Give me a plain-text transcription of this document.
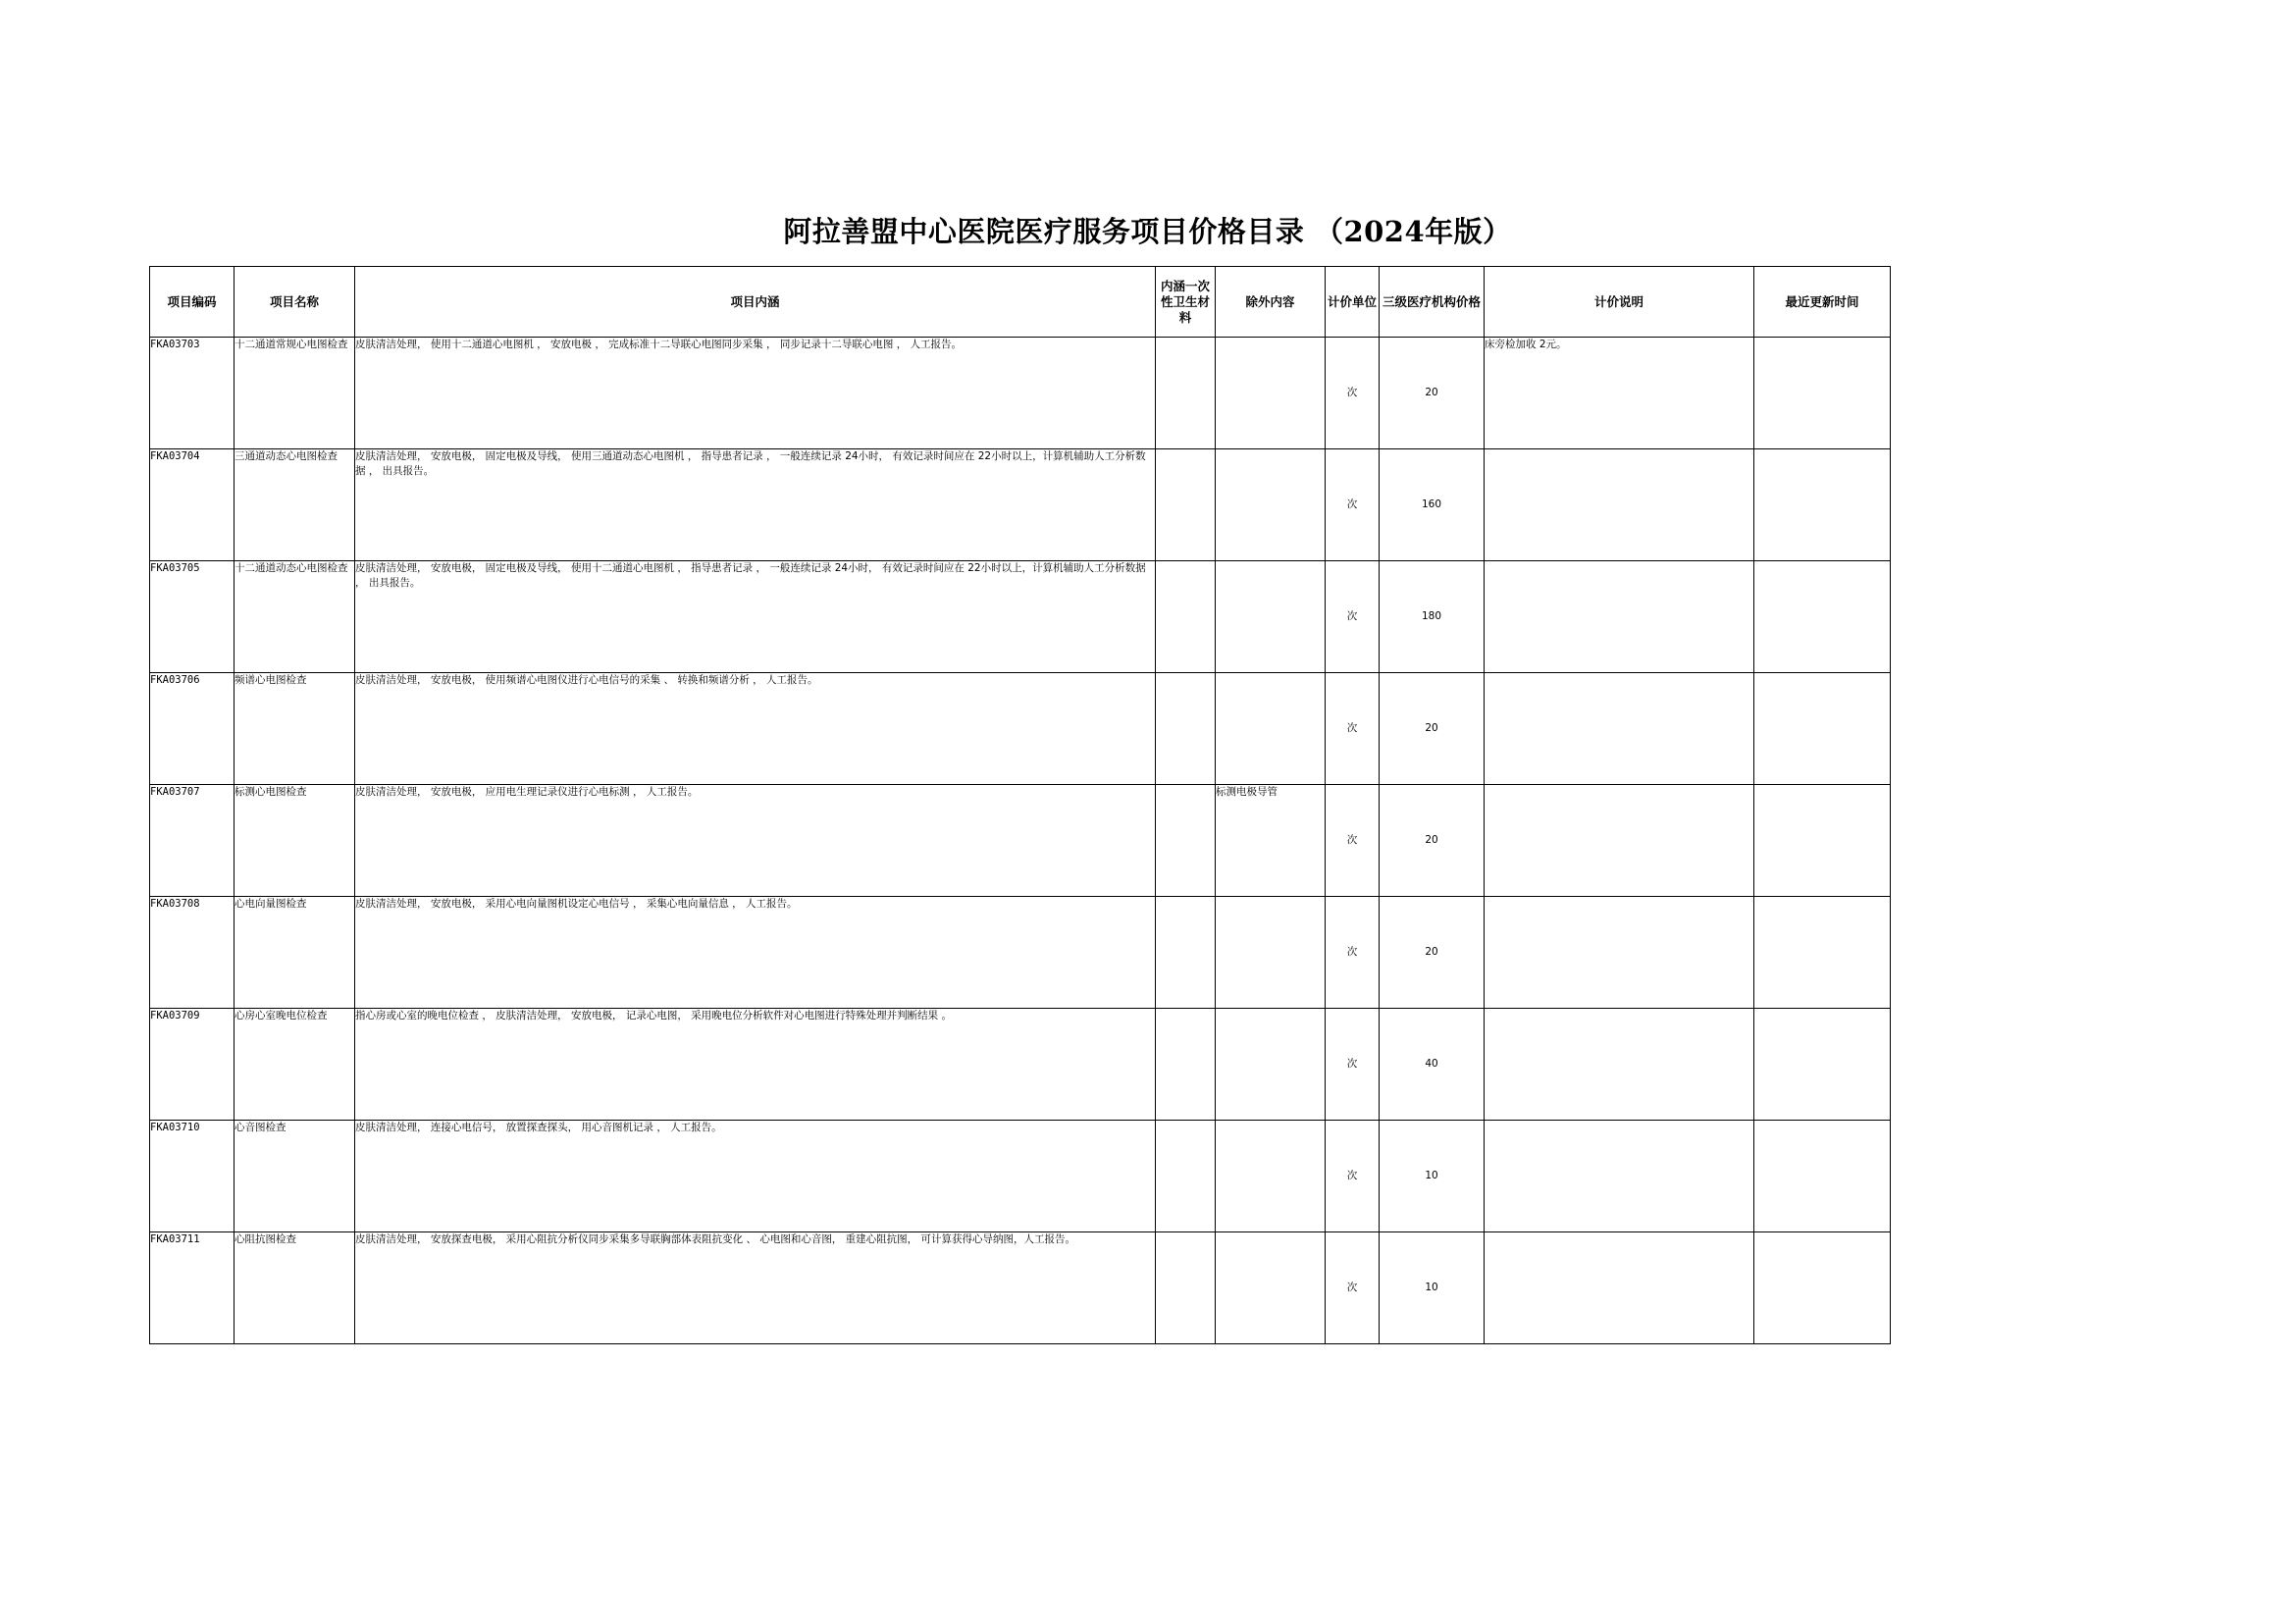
阿拉善盟中心医院医疗服务项目价格目录 （2024年版）
项目编码	项目名称	项目内涵	内涵一次性卫生材料	除外内容	计价单位	三级医疗机构价格	计价说明	最近更新时间
FKA03703	十二通道常规心电图检查	皮肤清洁处理， 使用十二通道心电图机 ， 安放电极 ， 完成标准十二导联心电图同步采集 ， 同步记录十二导联心电图 ， 人工报告。			次	20	床旁检加收 2元。	
FKA03704	三通道动态心电图检查	皮肤清洁处理， 安放电极， 固定电极及导线， 使用三通道动态心电图机 ， 指导患者记录 ， 一般连续记录 24小时， 有效记录时间应在 22小时以上，计算机辅助人工分析数据 ， 出具报告。			次	160		
FKA03705	十二通道动态心电图检查	皮肤清洁处理， 安放电极， 固定电极及导线， 使用十二通道心电图机 ， 指导患者记录 ， 一般连续记录 24小时， 有效记录时间应在 22小时以上，计算机辅助人工分析数据 ， 出具报告。			次	180		
FKA03706	频谱心电图检查	皮肤清洁处理， 安放电极， 使用频谱心电图仪进行心电信号的采集 、 转换和频谱分析 ， 人工报告。			次	20		
FKA03707	标测心电图检查	皮肤清洁处理， 安放电极， 应用电生理记录仪进行心电标测 ， 人工报告。		标测电极导管	次	20		
FKA03708	心电向量图检查	皮肤清洁处理， 安放电极， 采用心电向量图机设定心电信号 ， 采集心电向量信息 ， 人工报告。			次	20		
FKA03709	心房心室晚电位检查	指心房或心室的晚电位检查 ， 皮肤清洁处理， 安放电极， 记录心电图， 采用晚电位分析软件对心电图进行特殊处理并判断结果 。			次	40		
FKA03710	心音图检查	皮肤清洁处理， 连接心电信号， 放置探查探头， 用心音图机记录 ， 人工报告。			次	10		
FKA03711	心阻抗图检查	皮肤清洁处理， 安放探查电极， 采用心阻抗分析仪同步采集多导联胸部体表阻抗变化 、 心电图和心音图， 重建心阻抗图， 可计算获得心导纳图，人工报告。			次	10		
